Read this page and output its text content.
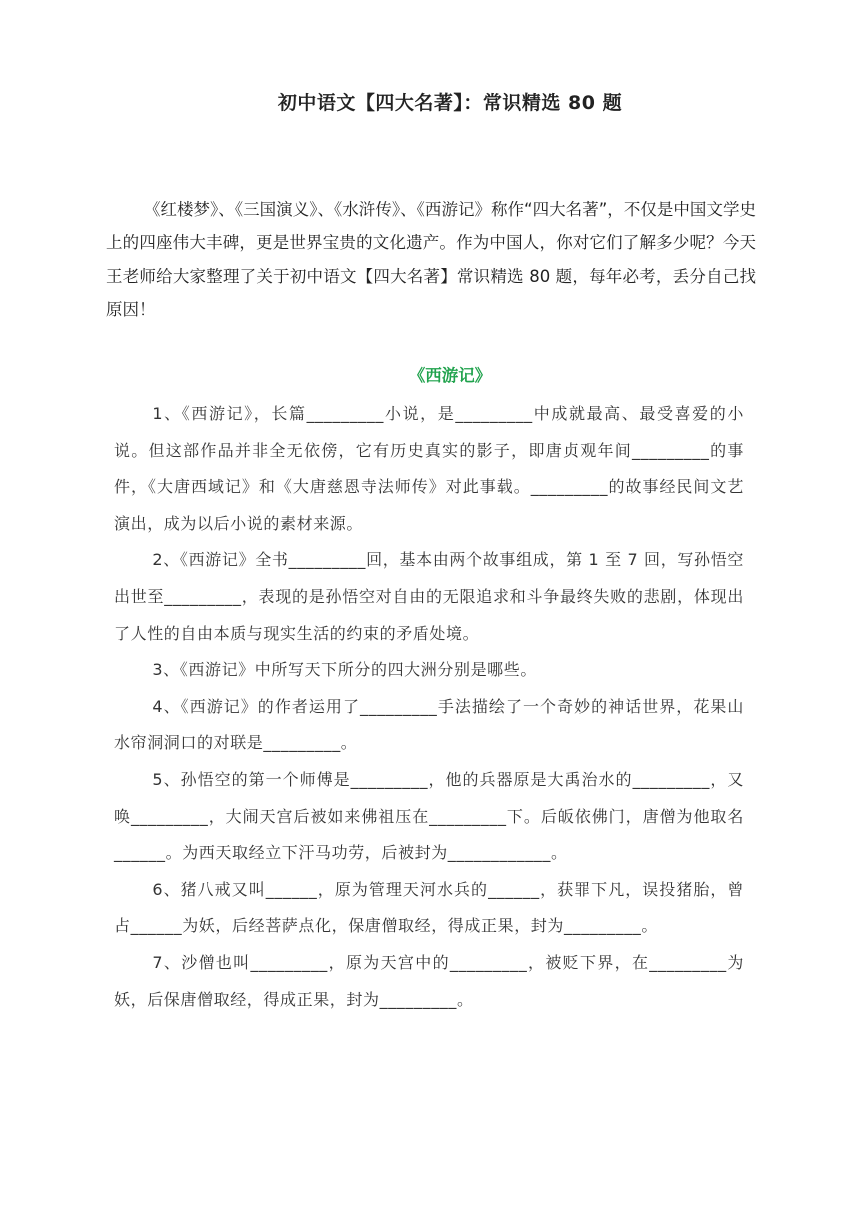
初中语文【四大名著】：常识精选 80 题

《红楼梦》、《三国演义》、《水浒传》、《西游记》称作“四大名著”，不仅是中国文学史上的四座伟大丰碑，更是世界宝贵的文化遗产。作为中国人，你对它们了解多少呢？今天王老师给大家整理了关于初中语文【四大名著】常识精选 80 题，每年必考，丢分自己找原因！

《西游记》

1、《西游记》，长篇_________小说，是_________中成就最高、最受喜爱的小说。但这部作品并非全无依傍，它有历史真实的影子，即唐贞观年间_________的事件，《大唐西域记》和《大唐慈恩寺法师传》对此事载。_________的故事经民间文艺演出，成为以后小说的素材来源。

2、《西游记》全书_________回，基本由两个故事组成，第 1 至 7 回，写孙悟空出世至_________，表现的是孙悟空对自由的无限追求和斗争最终失败的悲剧，体现出了人性的自由本质与现实生活的约束的矛盾处境。

3、《西游记》中所写天下所分的四大洲分别是哪些。

4、《西游记》的作者运用了_________手法描绘了一个奇妙的神话世界，花果山水帘洞洞口的对联是_________。

5、孙悟空的第一个师傅是_________，他的兵器原是大禹治水的_________，又唤_________，大闹天宫后被如来佛祖压在_________下。后皈依佛门，唐僧为他取名______。为西天取经立下汗马功劳，后被封为____________。

6、猪八戒又叫______，原为管理天河水兵的______，获罪下凡，误投猪胎，曾占______为妖，后经菩萨点化，保唐僧取经，得成正果，封为_________。

7、沙僧也叫_________，原为天宫中的_________，被贬下界，在_________为妖，后保唐僧取经，得成正果，封为_________。
